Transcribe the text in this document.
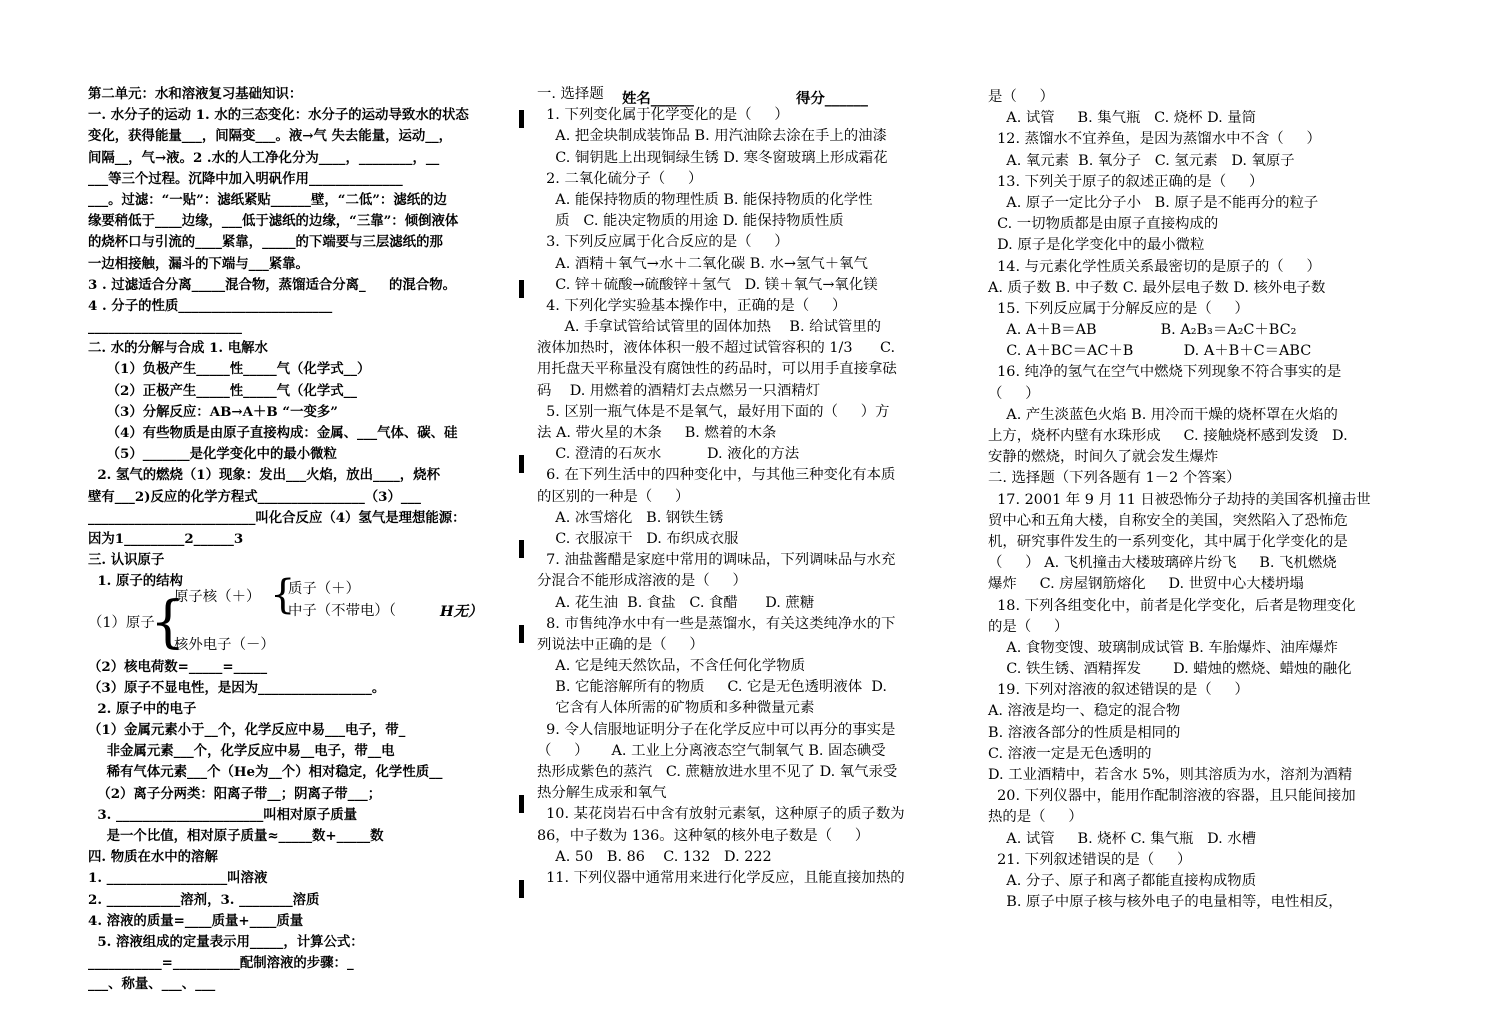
姓名______	得分______
第二单元：水和溶液复习基础知识：
一. 水分子的运动 1. 水的三态变化：水分子的运动导致水的状态
变化，获得能量___，间隔变___。液→气 失去能量，运动__，
间隔__，气→液。2 .水的人工净化分为____，________，__
___等三个过程。沉降中加入明矾作用______________
___。过滤：“一贴”：滤纸紧贴______壁，“二低”：滤纸的边
缘要稍低于____边缘，___低于滤纸的边缘，“三靠”：倾倒液体
的烧杯口与引流的____紧靠，_____的下端要与三层滤纸的那
一边相接触，漏斗的下端与___紧靠。
3 . 过滤适合分离_____混合物，蒸馏适合分离_     的混合物。
4 . 分子的性质_______________________
_______________________
二. 水的分解与合成 1. 电解水
（1）负极产生_____性_____气（化学式__）
（2）正极产生_____性_____气（化学式__
（3）分解反应：AB→A＋B “一变多”
（4）有些物质是由原子直接构成：金属、___气体、碳、硅
（5）_______是化学变化中的最小微粒
2. 氢气的燃烧（1）现象：发出___火焰，放出____，烧杯
壁有___2)反应的化学方程式________________（3）___
_________________________叫化合反应（4）氢气是理想能源：
因为1_________2______3
三. 认识原子
1. 原子的结构
（1）原子
{
原子核（＋）
核外电子（－）
{
质子（＋）
中子（不带电）（	H无）
（2）核电荷数=_____=_____
（3）原子不显电性，是因为_________________。
2. 原子中的电子
（1）金属元素小于__个，化学反应中易___电子，带_
非金属元素___个，化学反应中易__电子，带__电
稀有气体元素___个（He为__个）相对稳定，化学性质__
（2）离子分两类：阳离子带__；阴离子带___；
3. ______________________叫相对原子质量
是一个比值，相对原子质量≈_____数+_____数
四. 物质在水中的溶解
1. __________________叫溶液
2. ___________溶剂，3. ________溶质
4. 溶液的质量=____质量+____质量
5. 溶液组成的定量表示用_____，计算公式：
___________=__________配制溶液的步骤：_
___、称量、___、___
一. 选择题
1. 下列变化属于化学变化的是（     ）
A. 把金块制成装饰品 B. 用汽油除去涂在手上的油漆
C. 铜钥匙上出现铜绿生锈 D. 寒冬窗玻璃上形成霜花
2. 二氧化硫分子（     ）
A. 能保持物质的物理性质 B. 能保持物质的化学性
质   C. 能决定物质的用途 D. 能保持物质性质
3. 下列反应属于化合反应的是（     ）
A. 酒精＋氧气→水＋二氧化碳 B. 水→氢气＋氧气
C. 锌＋硫酸→硫酸锌＋氢气   D. 镁＋氧气→氧化镁
4. 下列化学实验基本操作中，正确的是（     ）
A. 手拿试管给试管里的固体加热    B. 给试管里的
液体加热时，液体体积一般不超过试管容积的 1/3      C.
用托盘天平称量没有腐蚀性的药品时，可以用手直接拿砝
码    D. 用燃着的酒精灯去点燃另一只酒精灯
5. 区别一瓶气体是不是氧气，最好用下面的（     ）方
法 A. 带火星的木条     B. 燃着的木条
C. 澄清的石灰水          D. 液化的方法
6. 在下列生活中的四种变化中，与其他三种变化有本质
的区别的一种是（     ）
A. 冰雪熔化   B. 钢铁生锈
C. 衣服凉干   D. 布织成衣服
7. 油盐酱醋是家庭中常用的调味品，下列调味品与水充
分混合不能形成溶液的是（     ）
A. 花生油  B. 食盐   C. 食醋      D. 蔗糖
8. 市售纯净水中有一些是蒸馏水，有关这类纯净水的下
列说法中正确的是（     ）
A. 它是纯天然饮品，不含任何化学物质
B. 它能溶解所有的物质     C. 它是无色透明液体  D.
它含有人体所需的矿物质和多种微量元素
9. 令人信服地证明分子在化学反应中可以再分的事实是
（     ）     A. 工业上分离液态空气制氧气 B. 固态碘受
热形成紫色的蒸汽   C. 蔗糖放进水里不见了 D. 氧气汞受
热分解生成汞和氧气
10. 某花岗岩石中含有放射元素氡，这种原子的质子数为
86，中子数为 136。这种氡的核外电子数是（     ）
A. 50   B. 86    C. 132   D. 222
11. 下列仪器中通常用来进行化学反应，且能直接加热的
是（     ）
A. 试管     B. 集气瓶   C. 烧杯 D. 量筒
12. 蒸馏水不宜养鱼，是因为蒸馏水中不含（     ）
A. 氧元素  B. 氧分子   C. 氢元素   D. 氧原子
13. 下列关于原子的叙述正确的是（     ）
A. 原子一定比分子小   B. 原子是不能再分的粒子
C. 一切物质都是由原子直接构成的
D. 原子是化学变化中的最小微粒
14. 与元素化学性质关系最密切的是原子的（     ）
A. 质子数 B. 中子数 C. 最外层电子数 D. 核外电子数
15. 下列反应属于分解反应的是（     ）
A. A＋B＝AB              B. A₂B₃＝A₂C＋BC₂
C. A＋BC＝AC＋B           D. A＋B＋C＝ABC
16. 纯净的氢气在空气中燃烧下列现象不符合事实的是
（     ）
A. 产生淡蓝色火焰 B. 用冷而干燥的烧杯罩在火焰的
上方，烧杯内壁有水珠形成     C. 接触烧杯感到发烫   D.
安静的燃烧，时间久了就会发生爆炸
二. 选择题（下列各题有 1－2 个答案）
17. 2001 年 9 月 11 日被恐怖分子劫持的美国客机撞击世
贸中心和五角大楼，自称安全的美国，突然陷入了恐怖危
机，研究事件发生的一系列变化，其中属于化学变化的是
（     ） A. 飞机撞击大楼玻璃碎片纷飞     B. 飞机燃烧
爆炸     C. 房屋钢筋熔化     D. 世贸中心大楼坍塌
18. 下列各组变化中，前者是化学变化，后者是物理变化
的是（     ）
A. 食物变馊、玻璃制成试管 B. 车胎爆炸、油库爆炸
C. 铁生锈、酒精挥发       D. 蜡烛的燃烧、蜡烛的融化
19. 下列对溶液的叙述错误的是（     ）
A. 溶液是均一、稳定的混合物
B. 溶液各部分的性质是相同的
C. 溶液一定是无色透明的
D. 工业酒精中，若含水 5%，则其溶质为水，溶剂为酒精
20. 下列仪器中，能用作配制溶液的容器，且只能间接加
热的是（     ）
A. 试管     B. 烧杯 C. 集气瓶   D. 水槽
21. 下列叙述错误的是（     ）
A. 分子、原子和离子都能直接构成物质
B. 原子中原子核与核外电子的电量相等，电性相反，
